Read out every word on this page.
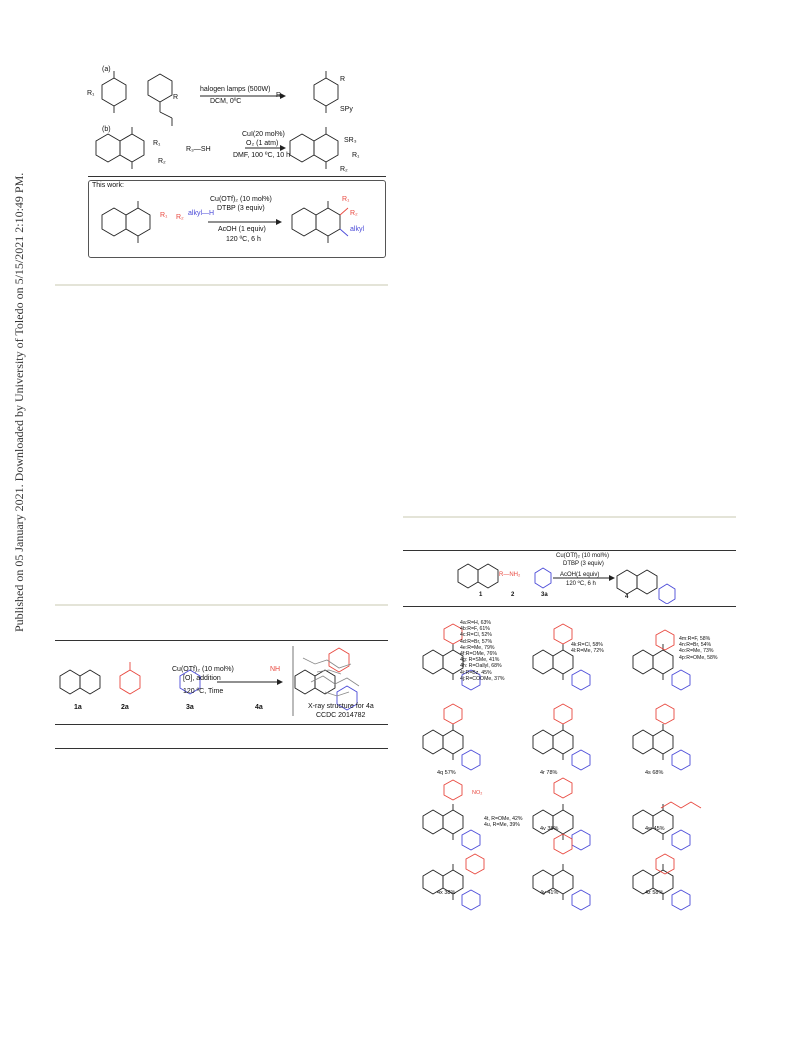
Published on 05 January 2021. Downloaded by University of Toledo on 5/15/2021 2:10:49 PM.
(a)
R₁
R
halogen lamps (500W)
DCM, 0ºC
R₁
R
SPy
(b)
R₁
R₂
R₃—SH
CuI(20 mol%)
O₂ (1 atm)
DMF, 100 ºC, 10 h
SR₃
R₁
R₂
This work:
R₁ R₂
alkyl—H
Cu(OTf)₂ (10 mol%)
DTBP (3 equiv)
AcOH (1 equiv)
120 ºC, 6 h
R₁
R₂
alkyl
1a	2a	3a	4a
Cu(OTf)₂ (10 mol%)
[O], addition
120 ºC, Time
NH
X-ray structure for 4a
CCDC 2014782
1	2	3a	4
R—NH₂
Cu(OTf)₂ (10 mol%)
DTBP (3 equiv)
AcOH(1 equiv)
120 ºC, 6 h
4a:R=H, 63%
4b:R=F, 61%
4c:R=Cl, 52%
4d:R=Br, 57%
4e:R=Me, 79%
4f:R=OMe, 76%
4g: R=SMe, 41%
4h: R=Oallyl, 68%
4i:R=Bz, 45%
4j:R=COOMe, 37%
4k:R=Cl, 58%
4l:R=Me, 72%
4m:R=F, 58%
4n:R=Br, 54%
4o:R=Me, 73%
4p:R=OMe, 58%
4q 57%	4r 78%	4s 68%
NO₂
4t, R=OMe, 42%
4u, R=Me, 39%
4v 38%	4w 45%
4x 38%	4y 41%	4z 58%
